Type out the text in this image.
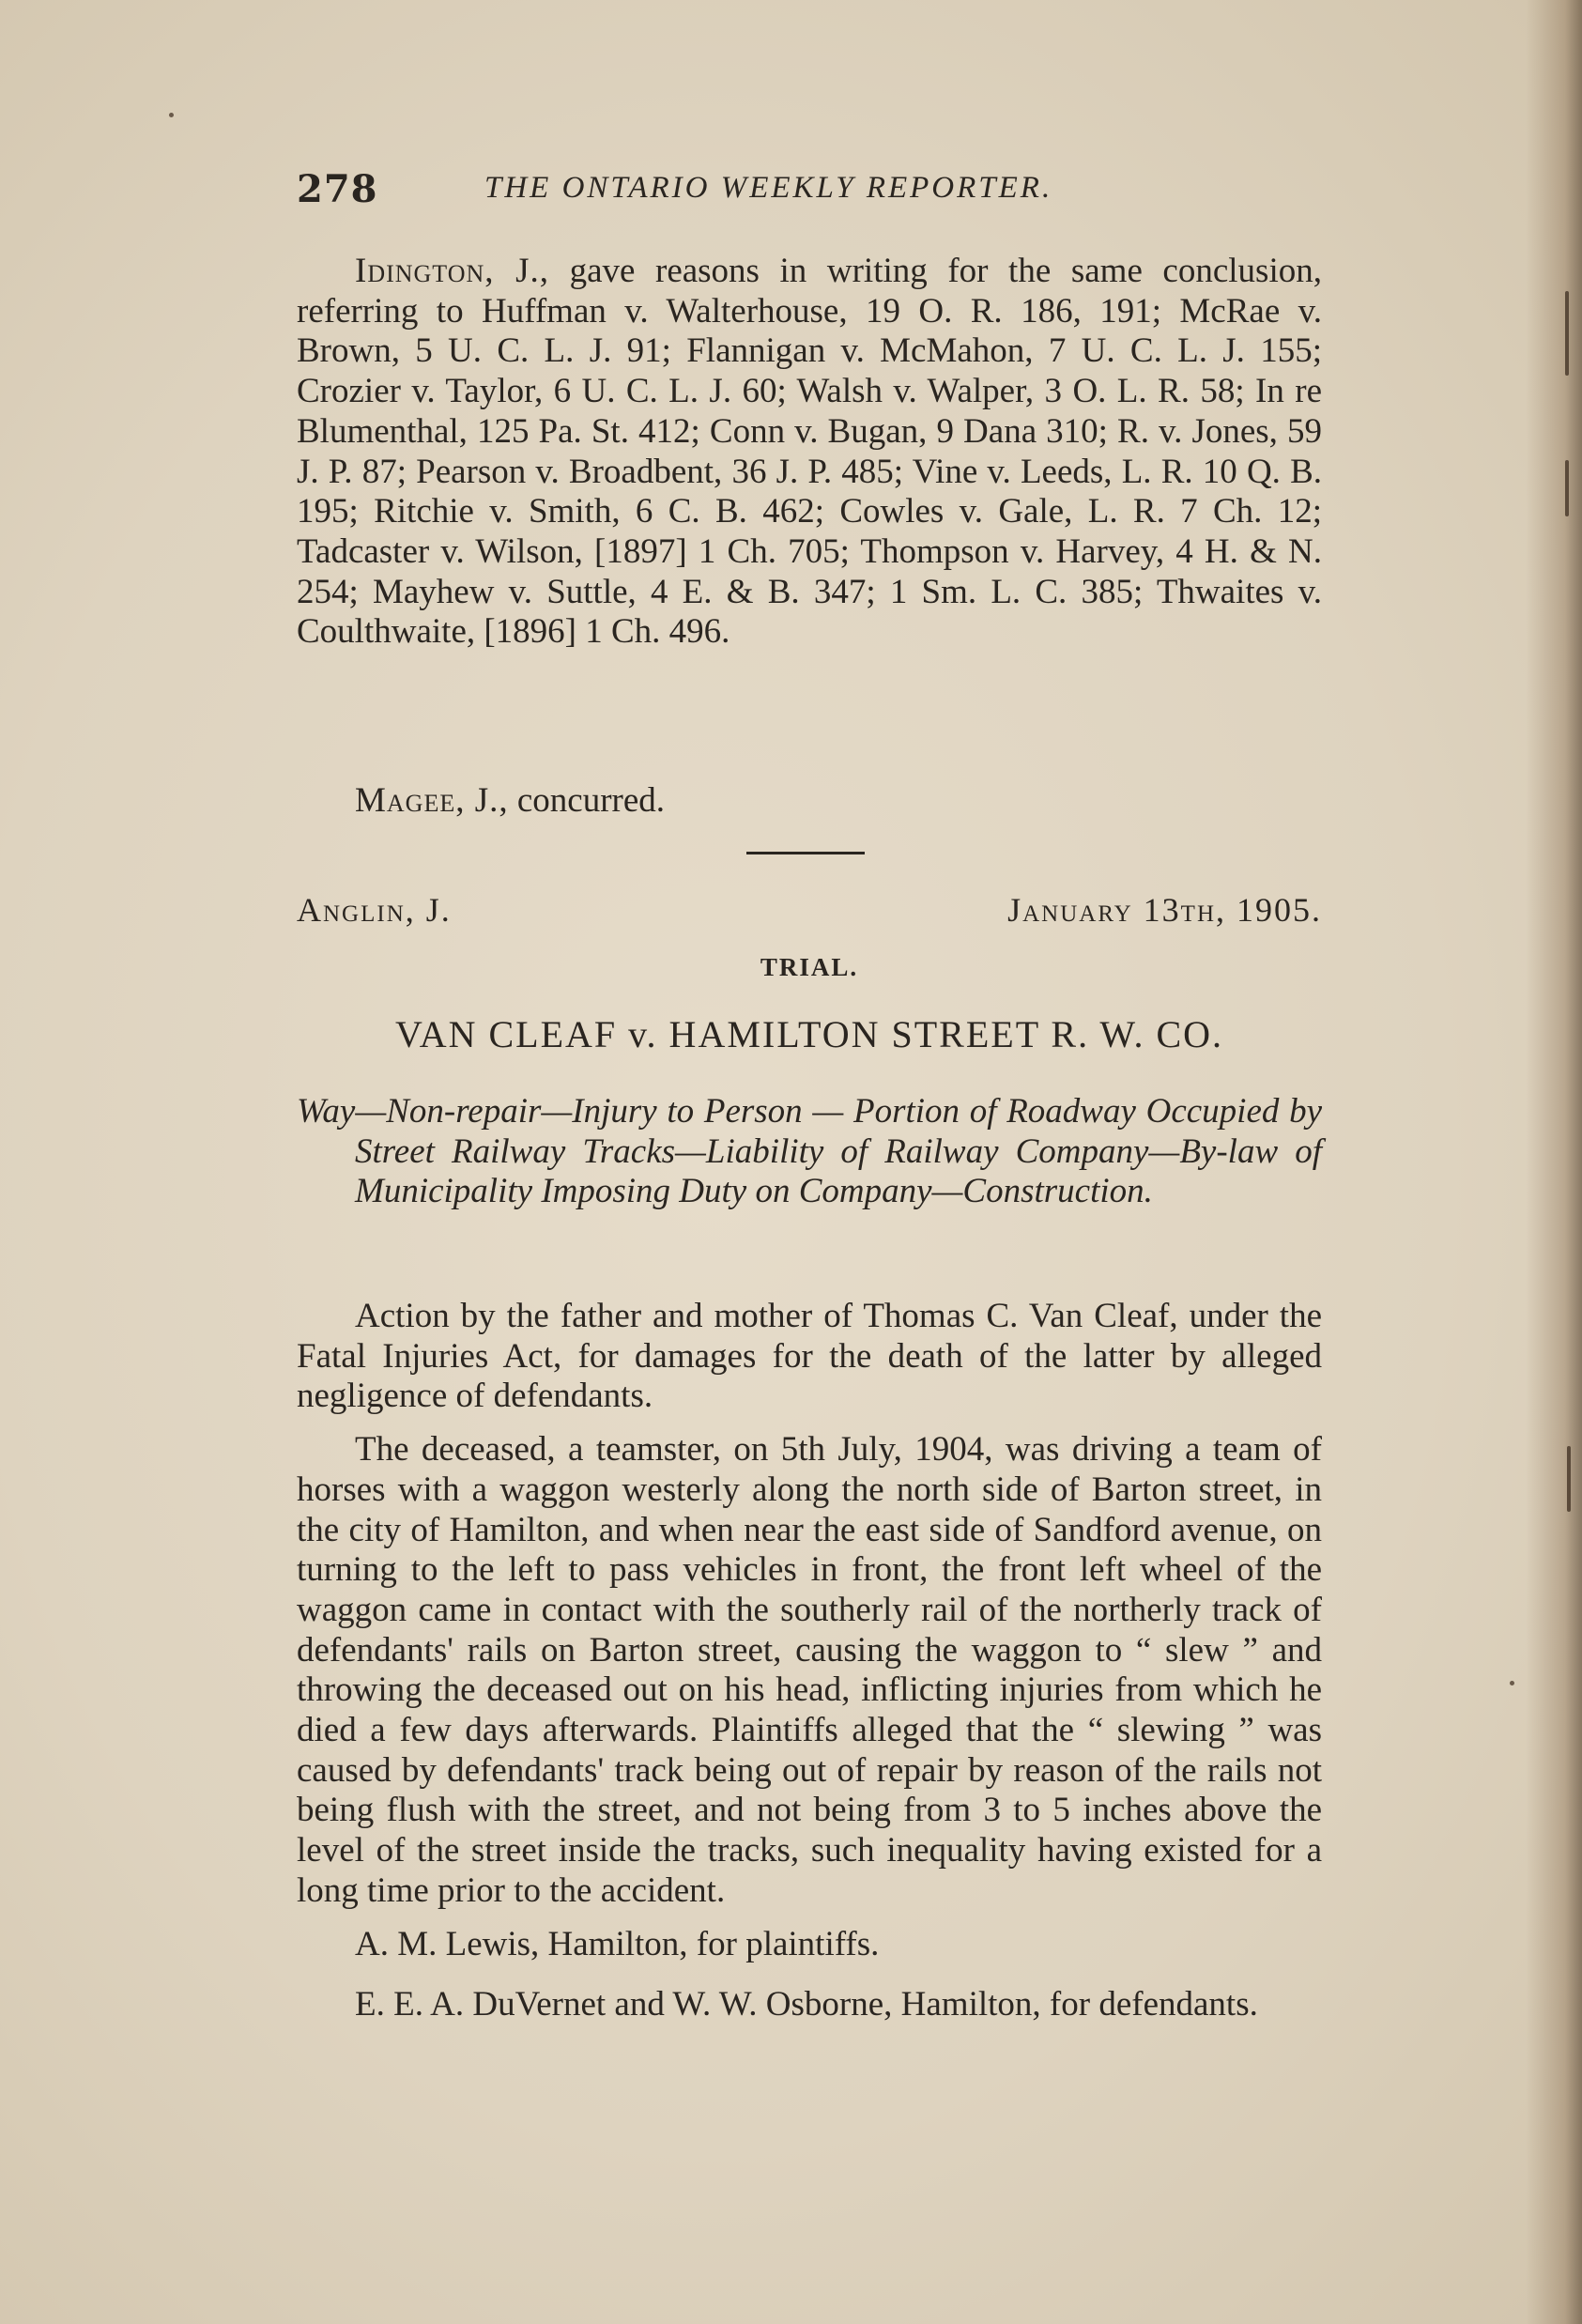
278	THE ONTARIO WEEKLY REPORTER.

Idington, J., gave reasons in writing for the same conclusion, referring to Huffman v. Walterhouse, 19 O. R. 186, 191; McRae v. Brown, 5 U. C. L. J. 91; Flannigan v. McMahon, 7 U. C. L. J. 155; Crozier v. Taylor, 6 U. C. L. J. 60; Walsh v. Walper, 3 O. L. R. 58; In re Blumenthal, 125 Pa. St. 412; Conn v. Bugan, 9 Dana 310; R. v. Jones, 59 J. P. 87; Pearson v. Broadbent, 36 J. P. 485; Vine v. Leeds, L. R. 10 Q. B. 195; Ritchie v. Smith, 6 C. B. 462; Cowles v. Gale, L. R. 7 Ch. 12; Tadcaster v. Wilson, [1897] 1 Ch. 705; Thompson v. Harvey, 4 H. & N. 254; Mayhew v. Suttle, 4 E. & B. 347; 1 Sm. L. C. 385; Thwaites v. Coulthwaite, [1896] 1 Ch. 496.

Magee, J., concurred.

Anglin, J.	January 13th, 1905.
TRIAL.
VAN CLEAF v. HAMILTON STREET R. W. CO.
Way—Non-repair—Injury to Person — Portion of Roadway Occupied by Street Railway Tracks—Liability of Railway Company—By-law of Municipality Imposing Duty on Company—Construction.

Action by the father and mother of Thomas C. Van Cleaf, under the Fatal Injuries Act, for damages for the death of the latter by alleged negligence of defendants.

The deceased, a teamster, on 5th July, 1904, was driving a team of horses with a waggon westerly along the north side of Barton street, in the city of Hamilton, and when near the east side of Sandford avenue, on turning to the left to pass vehicles in front, the front left wheel of the waggon came in contact with the southerly rail of the northerly track of defendants' rails on Barton street, causing the waggon to “ slew ” and throwing the deceased out on his head, inflicting injuries from which he died a few days afterwards. Plaintiffs alleged that the “ slewing ” was caused by defendants' track being out of repair by reason of the rails not being flush with the street, and not being from 3 to 5 inches above the level of the street inside the tracks, such inequality having existed for a long time prior to the accident.

A. M. Lewis, Hamilton, for plaintiffs.

E. E. A. DuVernet and W. W. Osborne, Hamilton, for defendants.
